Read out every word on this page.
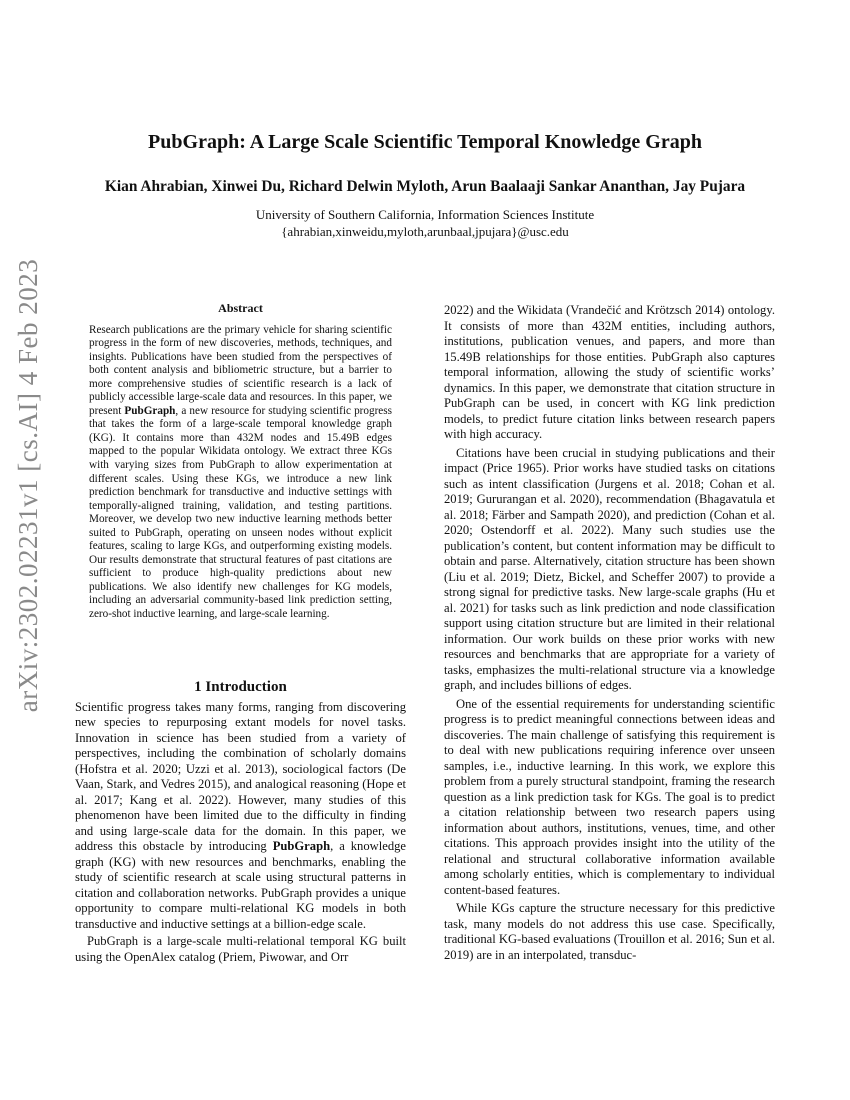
arXiv:2302.02231v1 [cs.AI] 4 Feb 2023
PubGraph: A Large Scale Scientific Temporal Knowledge Graph
Kian Ahrabian, Xinwei Du, Richard Delwin Myloth, Arun Baalaaji Sankar Ananthan, Jay Pujara
University of Southern California, Information Sciences Institute
{ahrabian,xinweidu,myloth,arunbaal,jpujara}@usc.edu
Abstract

Research publications are the primary vehicle for sharing scientific progress in the form of new discoveries, methods, techniques, and insights. Publications have been studied from the perspectives of both content analysis and bibliometric structure, but a barrier to more comprehensive studies of scientific research is a lack of publicly accessible large-scale data and resources. In this paper, we present PubGraph, a new resource for studying scientific progress that takes the form of a large-scale temporal knowledge graph (KG). It contains more than 432M nodes and 15.49B edges mapped to the popular Wikidata ontology. We extract three KGs with varying sizes from PubGraph to allow experimentation at different scales. Using these KGs, we introduce a new link prediction benchmark for transductive and inductive settings with temporally-aligned training, validation, and testing partitions. Moreover, we develop two new inductive learning methods better suited to PubGraph, operating on unseen nodes without explicit features, scaling to large KGs, and outperforming existing models. Our results demonstrate that structural features of past citations are sufficient to produce high-quality predictions about new publications. We also identify new challenges for KG models, including an adversarial community-based link prediction setting, zero-shot inductive learning, and large-scale learning.

1 Introduction

Scientific progress takes many forms, ranging from discovering new species to repurposing extant models for novel tasks. Innovation in science has been studied from a variety of perspectives, including the combination of scholarly domains (Hofstra et al. 2020; Uzzi et al. 2013), sociological factors (De Vaan, Stark, and Vedres 2015), and analogical reasoning (Hope et al. 2017; Kang et al. 2022). However, many studies of this phenomenon have been limited due to the difficulty in finding and using large-scale data for the domain. In this paper, we address this obstacle by introducing PubGraph, a knowledge graph (KG) with new resources and benchmarks, enabling the study of scientific research at scale using structural patterns in citation and collaboration networks. PubGraph provides a unique opportunity to compare multi-relational KG models in both transductive and inductive settings at a billion-edge scale.

PubGraph is a large-scale multi-relational temporal KG built using the OpenAlex catalog (Priem, Piwowar, and Orr

2022) and the Wikidata (Vrandečić and Krötzsch 2014) ontology. It consists of more than 432M entities, including authors, institutions, publication venues, and papers, and more than 15.49B relationships for those entities. PubGraph also captures temporal information, allowing the study of scientific works’ dynamics. In this paper, we demonstrate that citation structure in PubGraph can be used, in concert with KG link prediction models, to predict future citation links between research papers with high accuracy.

Citations have been crucial in studying publications and their impact (Price 1965). Prior works have studied tasks on citations such as intent classification (Jurgens et al. 2018; Cohan et al. 2019; Gururangan et al. 2020), recommendation (Bhagavatula et al. 2018; Färber and Sampath 2020), and prediction (Cohan et al. 2020; Ostendorff et al. 2022). Many such studies use the publication’s content, but content information may be difficult to obtain and parse. Alternatively, citation structure has been shown (Liu et al. 2019; Dietz, Bickel, and Scheffer 2007) to provide a strong signal for predictive tasks. New large-scale graphs (Hu et al. 2021) for tasks such as link prediction and node classification support using citation structure but are limited in their relational information. Our work builds on these prior works with new resources and benchmarks that are appropriate for a variety of tasks, emphasizes the multi-relational structure via a knowledge graph, and includes billions of edges.

One of the essential requirements for understanding scientific progress is to predict meaningful connections between ideas and discoveries. The main challenge of satisfying this requirement is to deal with new publications requiring inference over unseen samples, i.e., inductive learning. In this work, we explore this problem from a purely structural standpoint, framing the research question as a link prediction task for KGs. The goal is to predict a citation relationship between two research papers using information about authors, institutions, venues, time, and other citations. This approach provides insight into the utility of the relational and structural collaborative information available among scholarly entities, which is complementary to individual content-based features.

While KGs capture the structure necessary for this predictive task, many models do not address this use case. Specifically, traditional KG-based evaluations (Trouillon et al. 2016; Sun et al. 2019) are in an interpolated, transduc-
